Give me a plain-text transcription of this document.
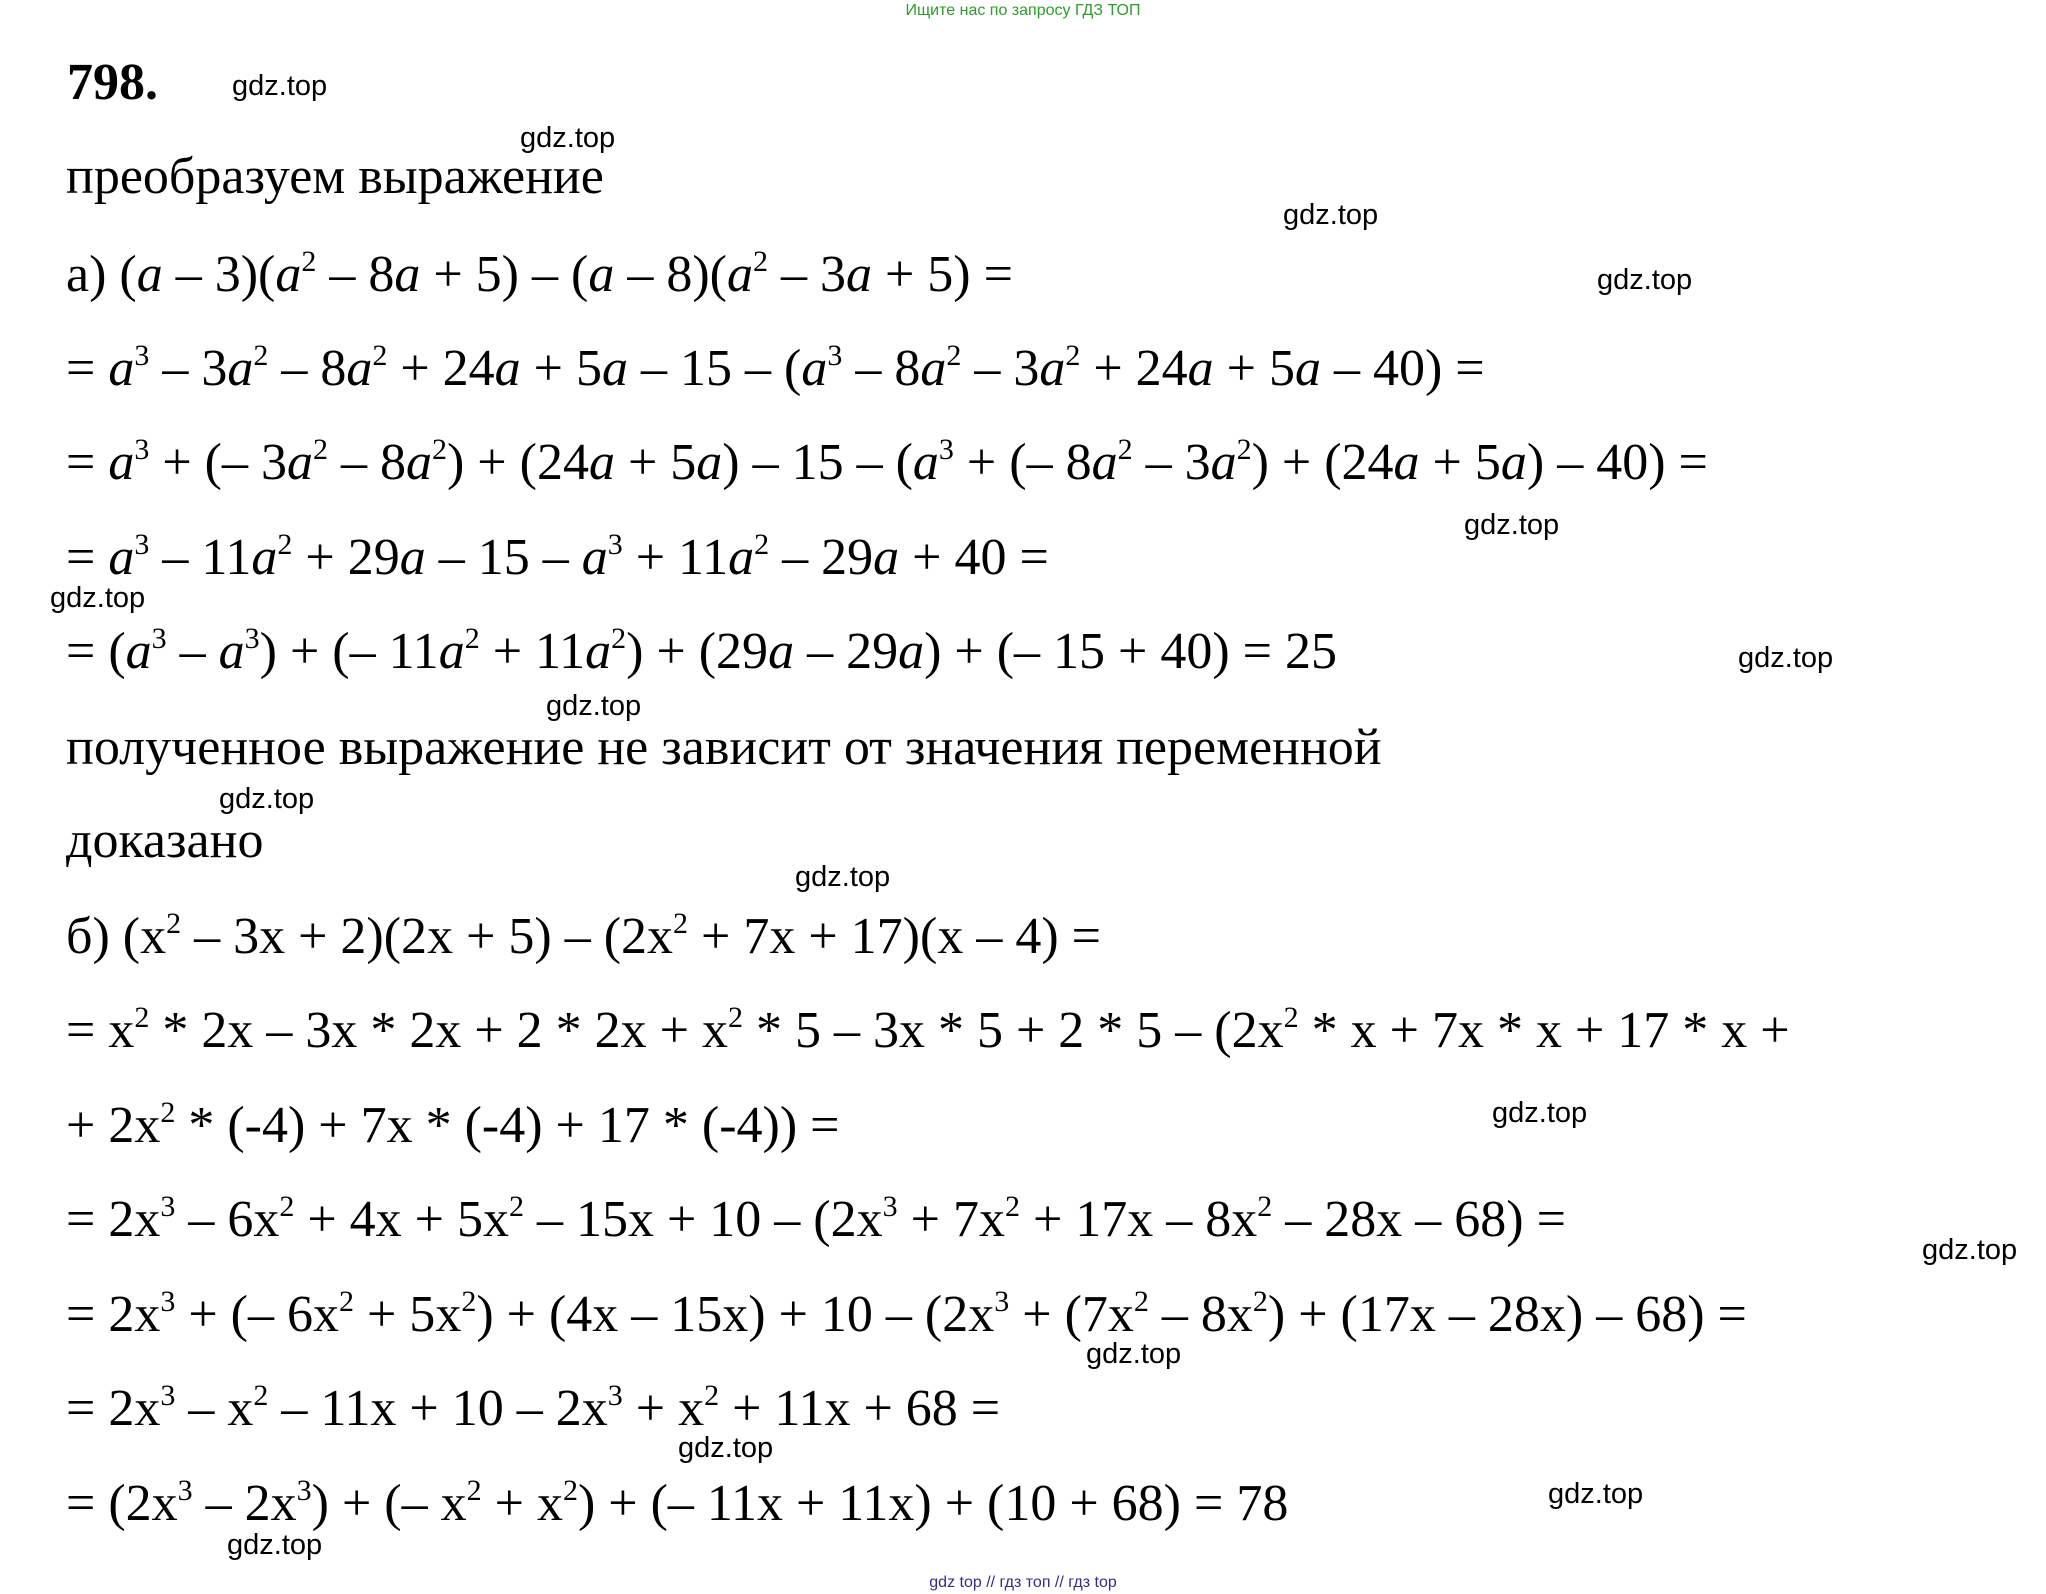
Ищите нас по запросу ГДЗ ТОП
798.
преобразуем выражение
а) $(a - 3)(a^2 - 8a + 5) - (a - 8)(a^2 - 3a + 5)$ =
= $a^3 - 3a^2 - 8a^2 + 24a + 5a - 15 - (a^3 - 8a^2 - 3a^2 + 24a + 5a - 40)$ =
= $a^3$ + (– $3a^2 - 8a^2) + (24a + 5a) - 15 - (a^3$ + (– $8a^2 - 3a^2) + (24a + 5a) - 40$) =
= $a^3 - 11a^2 + 29a - 15 - a^3 + 11a^2 - 29a + 40$ =
= $(a^3 - a^3)$ + (– $11a^2 + 11a^2) + (29a - 29a)$ + (– 15 + 40) = 25
полученное выражение не зависит от значения переменной
доказано
б) $(x^2 - 3x + 2)(2x + 5) - (2x^2 + 7x + 17)(x - 4)$ =
= $x^2 * 2x - 3x * 2x + 2 * 2x + x^2 * 5 - 3x * 5 + 2 * 5 - (2x^2 * x + 7x * x + 17 * x$ +
+ $2x^2 * (-4) + 7x * (-4) + 17 * (-4)$) =
= $2x^3 - 6x^2 + 4x + 5x^2 - 15x + 10 - (2x^3 + 7x^2 + 17x - 8x^2 - 28x - 68)$ =
= $2x^3$ + (– $6x^2 + 5x^2) + (4x - 15x) + 10 - (2x^3 + (7x^2 - 8x^2) + (17x - 28x) - 68)$ =
= $2x^3 - x^2 - 11x + 10 - 2x^3 + x^2 + 11x + 68$ =
= $(2x^3 - 2x^3)$ + (– $x^2 + x^2$) + (– 11x + 11x) + (10 + 68) = 78
gdz.top
gdz.top
gdz.top
gdz.top
gdz.top
gdz.top
gdz.top
gdz.top
gdz.top
gdz.top
gdz.top
gdz.top
gdz.top
gdz.top
gdz.top
gdz.top
gdz top // гдз топ // гдз top
